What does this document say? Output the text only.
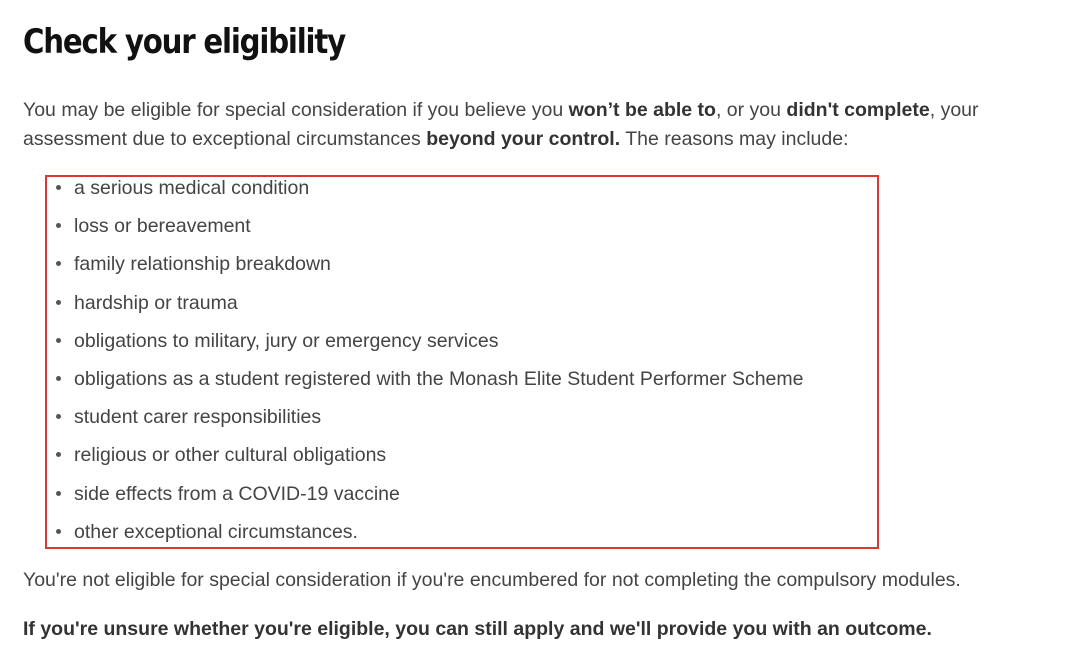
Check your eligibility

You may be eligible for special consideration if you believe you won’t be able to, or you didn't complete, your assessment due to exceptional circumstances beyond your control. The reasons may include:

a serious medical condition
loss or bereavement
family relationship breakdown
hardship or trauma
obligations to military, jury or emergency services
obligations as a student registered with the Monash Elite Student Performer Scheme
student carer responsibilities
religious or other cultural obligations
side effects from a COVID-19 vaccine
other exceptional circumstances.

You're not eligible for special consideration if you're encumbered for not completing the compulsory modules.

If you're unsure whether you're eligible, you can still apply and we'll provide you with an outcome.
